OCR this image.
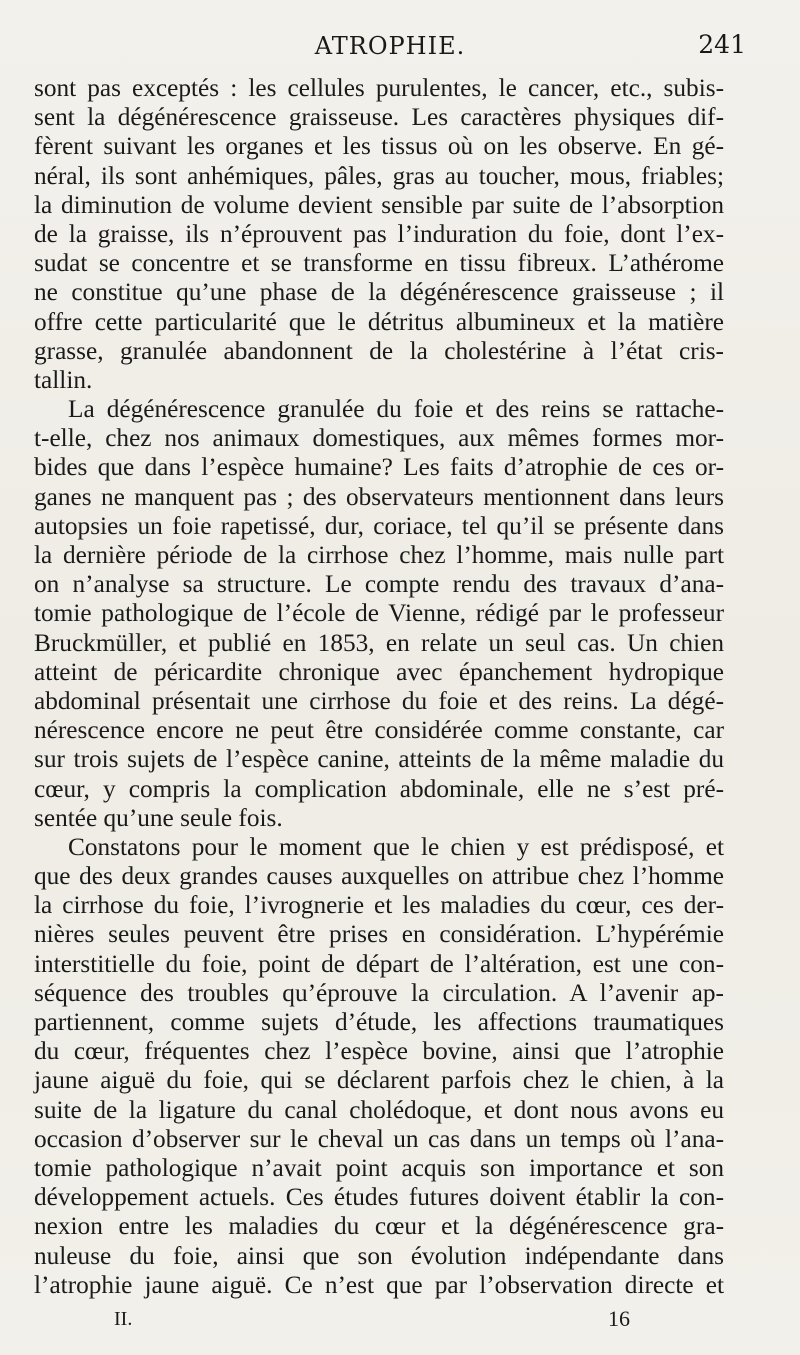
ATROPHIE.	241

sont pas exceptés : les cellules purulentes, le cancer, etc., subis-
sent la dégénérescence graisseuse. Les caractères physiques dif-
fèrent suivant les organes et les tissus où on les observe. En gé-
néral, ils sont anhémiques, pâles, gras au toucher, mous, friables;
la diminution de volume devient sensible par suite de l’absorption
de la graisse, ils n’éprouvent pas l’induration du foie, dont l’ex-
sudat se concentre et se transforme en tissu fibreux. L’athérome
ne constitue qu’une phase de la dégénérescence graisseuse ; il
offre cette particularité que le détritus albumineux et la matière
grasse, granulée abandonnent de la cholestérine à l’état cris-
tallin.

La dégénérescence granulée du foie et des reins se rattache-
t-elle, chez nos animaux domestiques, aux mêmes formes mor-
bides que dans l’espèce humaine? Les faits d’atrophie de ces or-
ganes ne manquent pas ; des observateurs mentionnent dans leurs
autopsies un foie rapetissé, dur, coriace, tel qu’il se présente dans
la dernière période de la cirrhose chez l’homme, mais nulle part
on n’analyse sa structure. Le compte rendu des travaux d’ana-
tomie pathologique de l’école de Vienne, rédigé par le professeur
Bruckmüller, et publié en 1853, en relate un seul cas. Un chien
atteint de péricardite chronique avec épanchement hydropique
abdominal présentait une cirrhose du foie et des reins. La dégé-
nérescence encore ne peut être considérée comme constante, car
sur trois sujets de l’espèce canine, atteints de la même maladie du
cœur, y compris la complication abdominale, elle ne s’est pré-
sentée qu’une seule fois.

Constatons pour le moment que le chien y est prédisposé, et
que des deux grandes causes auxquelles on attribue chez l’homme
la cirrhose du foie, l’ivrognerie et les maladies du cœur, ces der-
nières seules peuvent être prises en considération. L’hypérémie
interstitielle du foie, point de départ de l’altération, est une con-
séquence des troubles qu’éprouve la circulation. A l’avenir ap-
partiennent, comme sujets d’étude, les affections traumatiques
du cœur, fréquentes chez l’espèce bovine, ainsi que l’atrophie
jaune aiguë du foie, qui se déclarent parfois chez le chien, à la
suite de la ligature du canal cholédoque, et dont nous avons eu
occasion d’observer sur le cheval un cas dans un temps où l’ana-
tomie pathologique n’avait point acquis son importance et son
développement actuels. Ces études futures doivent établir la con-
nexion entre les maladies du cœur et la dégénérescence gra-
nuleuse du foie, ainsi que son évolution indépendante dans
l’atrophie jaune aiguë. Ce n’est que par l’observation directe et

II.	16
